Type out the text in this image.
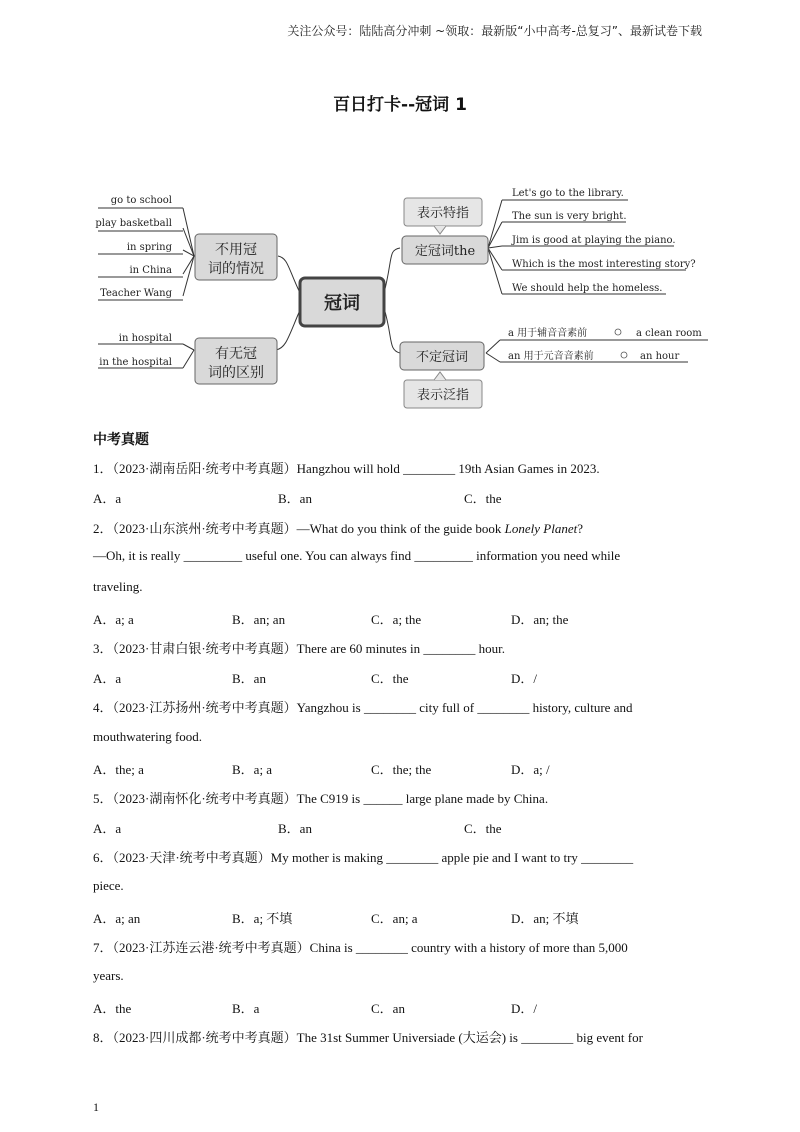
关注公众号：陆陆高分冲刺 ~领取：最新版“小中高考-总复习”、最新试卷下载
百日打卡--冠词 1
冠词
不用冠
词的情况
go to school
play basketball
in spring
in China
Teacher Wang
有无冠
词的区别
in hospital
in the hospital
定冠词the
表示特指
Let's go to the library.
The sun is very bright.
Jim is good at playing the piano.
Which is the most interesting story?
We should help the homeless.
不定冠词
表示泛指
a 用于辅音音素前	a clean room
an 用于元音音素前	an hour
中考真题
1．（2023·湖南岳阳·统考中考真题）Hangzhou will hold ________ 19th Asian Games in 2023.
A．a	B．an	C．the
2．（2023·山东滨州·统考中考真题）—What do you think of the guide book Lonely Planet?
—Oh, it is really _________ useful one. You can always find _________ information you need while
traveling.
A．a; a	B．an; an	C．a; the	D．an; the
3．（2023·甘肃白银·统考中考真题）There are 60 minutes in ________ hour.
A．a	B．an	C．the	D．/
4．（2023·江苏扬州·统考中考真题）Yangzhou is ________ city full of ________ history, culture and
mouthwatering food.
A．the; a	B．a; a	C．the; the	D．a; /
5．（2023·湖南怀化·统考中考真题）The C919 is ______ large plane made by China.
A．a	B．an	C．the
6．（2023·天津·统考中考真题）My mother is making ________ apple pie and I want to try ________
piece.
A．a; an	B．a; 不填	C．an; a	D．an; 不填
7．（2023·江苏连云港·统考中考真题）China is ________ country with a history of more than 5,000
years.
A．the	B．a	C．an	D．/
8．（2023·四川成都·统考中考真题）The 31st Summer Universiade (大运会) is ________ big event for
1
